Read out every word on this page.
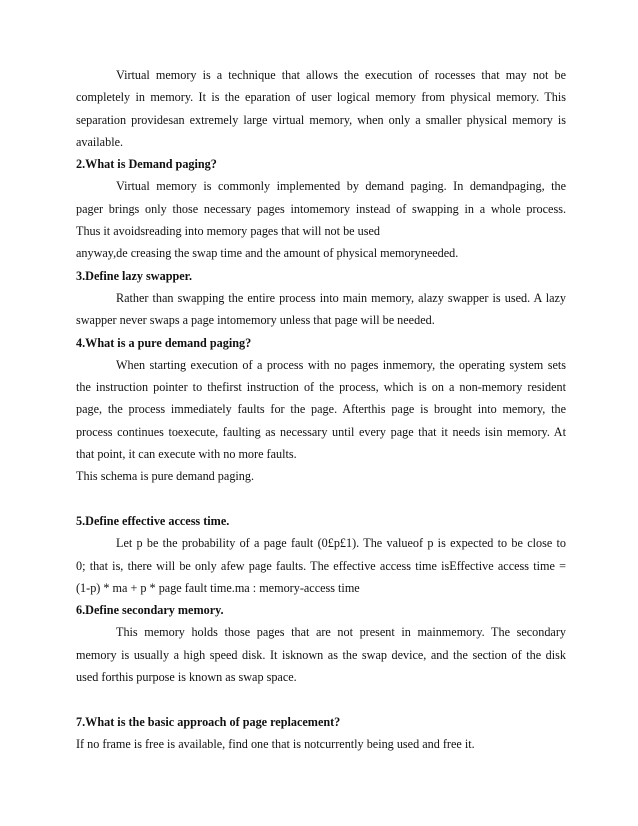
Virtual memory is a technique that allows the execution of rocesses that may not be
completely in memory. It is the eparation of user logical memory from physical memory. This
separation providesan extremely large virtual memory, when only a smaller physical memory is
available.
2.What is Demand paging?
Virtual memory is commonly implemented by demand paging. In demandpaging, the
pager brings only those necessary pages intomemory instead of swapping in a whole process.
Thus it avoidsreading into memory pages that will not be used
anyway,de creasing the swap time and the amount of physical memoryneeded.
3.Define lazy swapper.
Rather than swapping the entire process into main memory, alazy swapper is used. A lazy
swapper never swaps a page intomemory unless that page will be needed.
4.What is a pure demand paging?
When starting execution of a process with no pages inmemory, the operating system sets
the instruction pointer to thefirst instruction of the process, which is on a non-memory resident
page, the process immediately faults for the page. Afterthis page is brought into memory, the
process continues toexecute, faulting as necessary until every page that it needs isin memory. At
that point, it can execute with no more faults.
This schema is pure demand paging.
5.Define effective access time.
Let p be the probability of a page fault (0£p£1). The valueof p is expected to be close to
0; that is, there will be only afew page faults. The effective access time isEffective access time =
(1-p) * ma + p * page fault time.ma : memory-access time
6.Define secondary memory.
This memory holds those pages that are not present in mainmemory. The secondary
memory is usually a high speed disk. It isknown as the swap device, and the section of the disk
used forthis purpose is known as swap space.
7.What is the basic approach of page replacement?
If no frame is free is available, find one that is notcurrently being used and free it.
